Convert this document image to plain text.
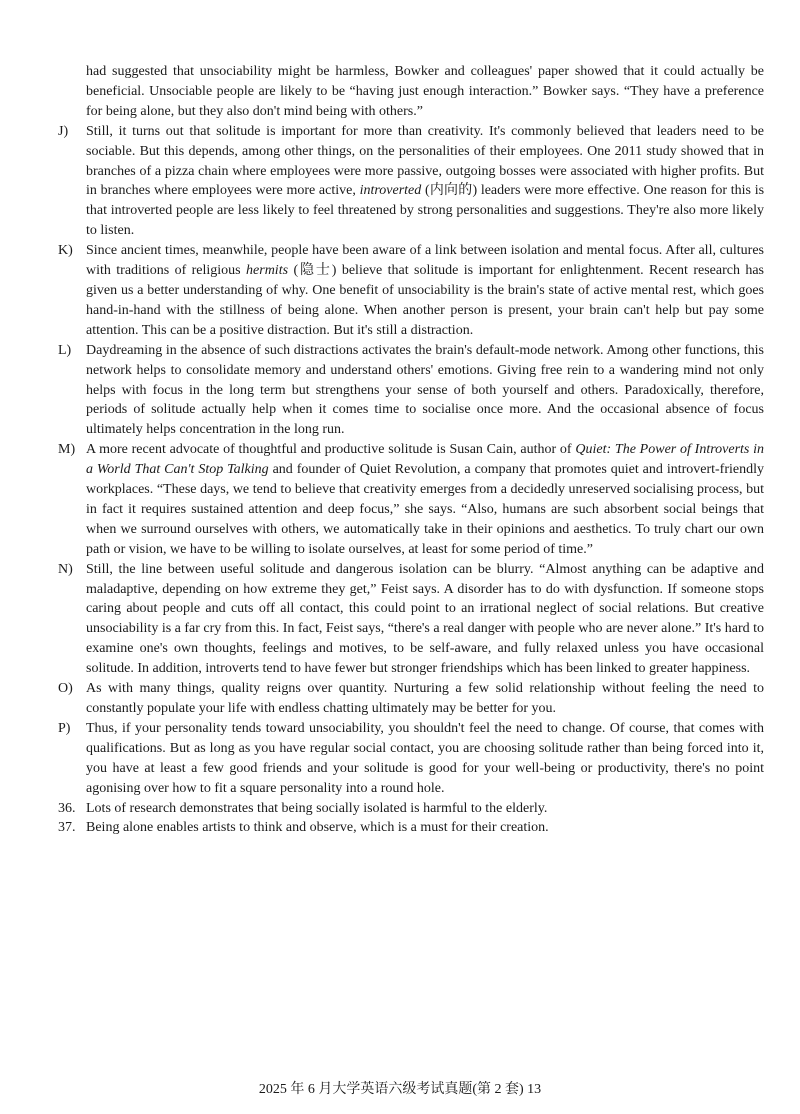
had suggested that unsociability might be harmless, Bowker and colleagues' paper showed that it could actually be beneficial. Unsociable people are likely to be “having just enough interaction.” Bowker says. “They have a preference for being alone, but they also don't mind being with others.”

J)	Still, it turns out that solitude is important for more than creativity. It's commonly believed that leaders need to be sociable. But this depends, among other things, on the personalities of their employees. One 2011 study showed that in branches of a pizza chain where employees were more passive, outgoing bosses were associated with higher profits. But in branches where employees were more active, introverted (内向的) leaders were more effective. One reason for this is that introverted people are less likely to feel threatened by strong personalities and suggestions. They're also more likely to listen.
K) Since ancient times, meanwhile, people have been aware of a link between isolation and mental focus. After all, cultures with traditions of religious hermits (隐士) believe that solitude is important for enlightenment. Recent research has given us a better understanding of why. One benefit of unsociability is the brain's state of active mental rest, which goes hand-in-hand with the stillness of being alone. When another person is present, your brain can't help but pay some attention. This can be a positive distraction. But it's still a distraction.
L)	Daydreaming in the absence of such distractions activates the brain's default-mode network. Among other functions, this network helps to consolidate memory and understand others' emotions. Giving free rein to a wandering mind not only helps with focus in the long term but strengthens your sense of both yourself and others. Paradoxically, therefore, periods of solitude actually help when it comes time to socialise once more. And the occasional absence of focus ultimately helps concentration in the long run.
M) A more recent advocate of thoughtful and productive solitude is Susan Cain, author of Quiet: The Power of Introverts in a World That Can't Stop Talking and founder of Quiet Revolution, a company that promotes quiet and introvert-friendly workplaces. “These days, we tend to believe that creativity emerges from a decidedly unreserved socialising process, but in fact it requires sustained attention and deep focus,” she says. “Also, humans are such absorbent social beings that when we surround ourselves with others, we automatically take in their opinions and aesthetics. To truly chart our own path or vision, we have to be willing to isolate ourselves, at least for some period of time.”
N) Still, the line between useful solitude and dangerous isolation can be blurry. “Almost anything can be adaptive and maladaptive, depending on how extreme they get,” Feist says. A disorder has to do with dysfunction. If someone stops caring about people and cuts off all contact, this could point to an irrational neglect of social relations. But creative unsociability is a far cry from this. In fact, Feist says, “there's a real danger with people who are never alone.” It's hard to examine one's own thoughts, feelings and motives, to be self-aware, and fully relaxed unless you have occasional solitude. In addition, introverts tend to have fewer but stronger friendships which has been linked to greater happiness.
O) As with many things, quality reigns over quantity. Nurturing a few solid relationship without feeling the need to constantly populate your life with endless chatting ultimately may be better for you.
P)	Thus, if your personality tends toward unsociability, you shouldn't feel the need to change. Of course, that comes with qualifications. But as long as you have regular social contact, you are choosing solitude rather than being forced into it, you have at least a few good friends and your solitude is good for your well-being or productivity, there's no point agonising over how to fit a square personality into a round hole.
36. Lots of research demonstrates that being socially isolated is harmful to the elderly.
37. Being alone enables artists to think and observe, which is a must for their creation.
2025 年 6 月大学英语六级考试真题(第 2 套) 13
